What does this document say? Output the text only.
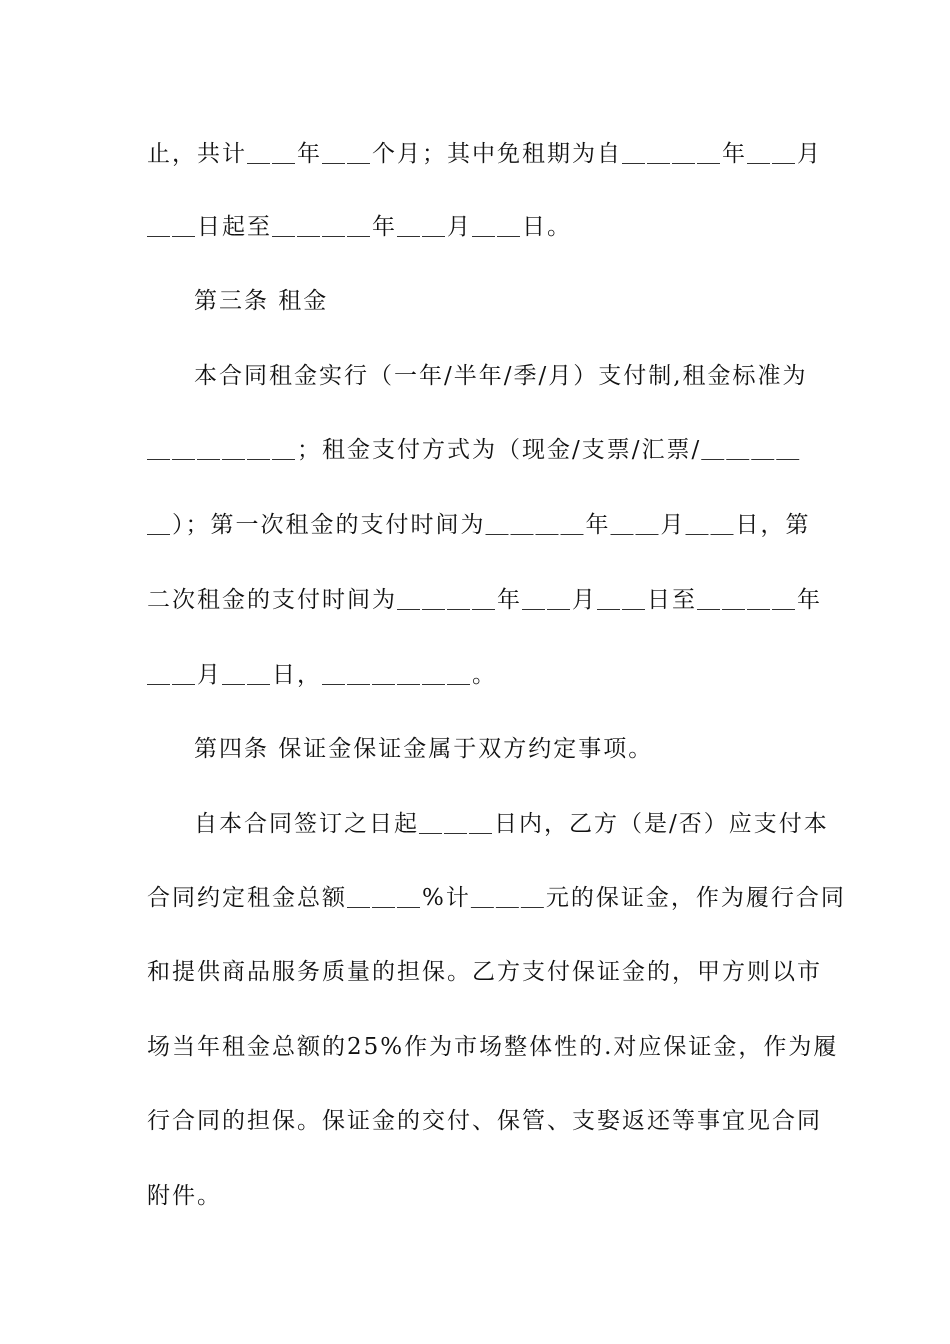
止，共计＿＿年＿＿个月；其中免租期为自＿＿＿＿年＿＿月
＿＿日起至＿＿＿＿年＿＿月＿＿日。
第三条 租金
本合同租金实行（一年/半年/季/月）支付制,租金标准为
＿＿＿＿＿＿；租金支付方式为（现金/支票/汇票/＿＿＿＿
＿）；第一次租金的支付时间为＿＿＿＿年＿＿月＿＿日，第
二次租金的支付时间为＿＿＿＿年＿＿月＿＿日至＿＿＿＿年
＿＿月＿＿日，＿＿＿＿＿＿。
第四条 保证金保证金属于双方约定事项。
自本合同签订之日起＿＿＿日内，乙方（是/否）应支付本
合同约定租金总额＿＿＿%计＿＿＿元的保证金，作为履行合同
和提供商品服务质量的担保。乙方支付保证金的，甲方则以市
场当年租金总额的25%作为市场整体性的.对应保证金，作为履
行合同的担保。保证金的交付、保管、支娶返还等事宜见合同
附件。
